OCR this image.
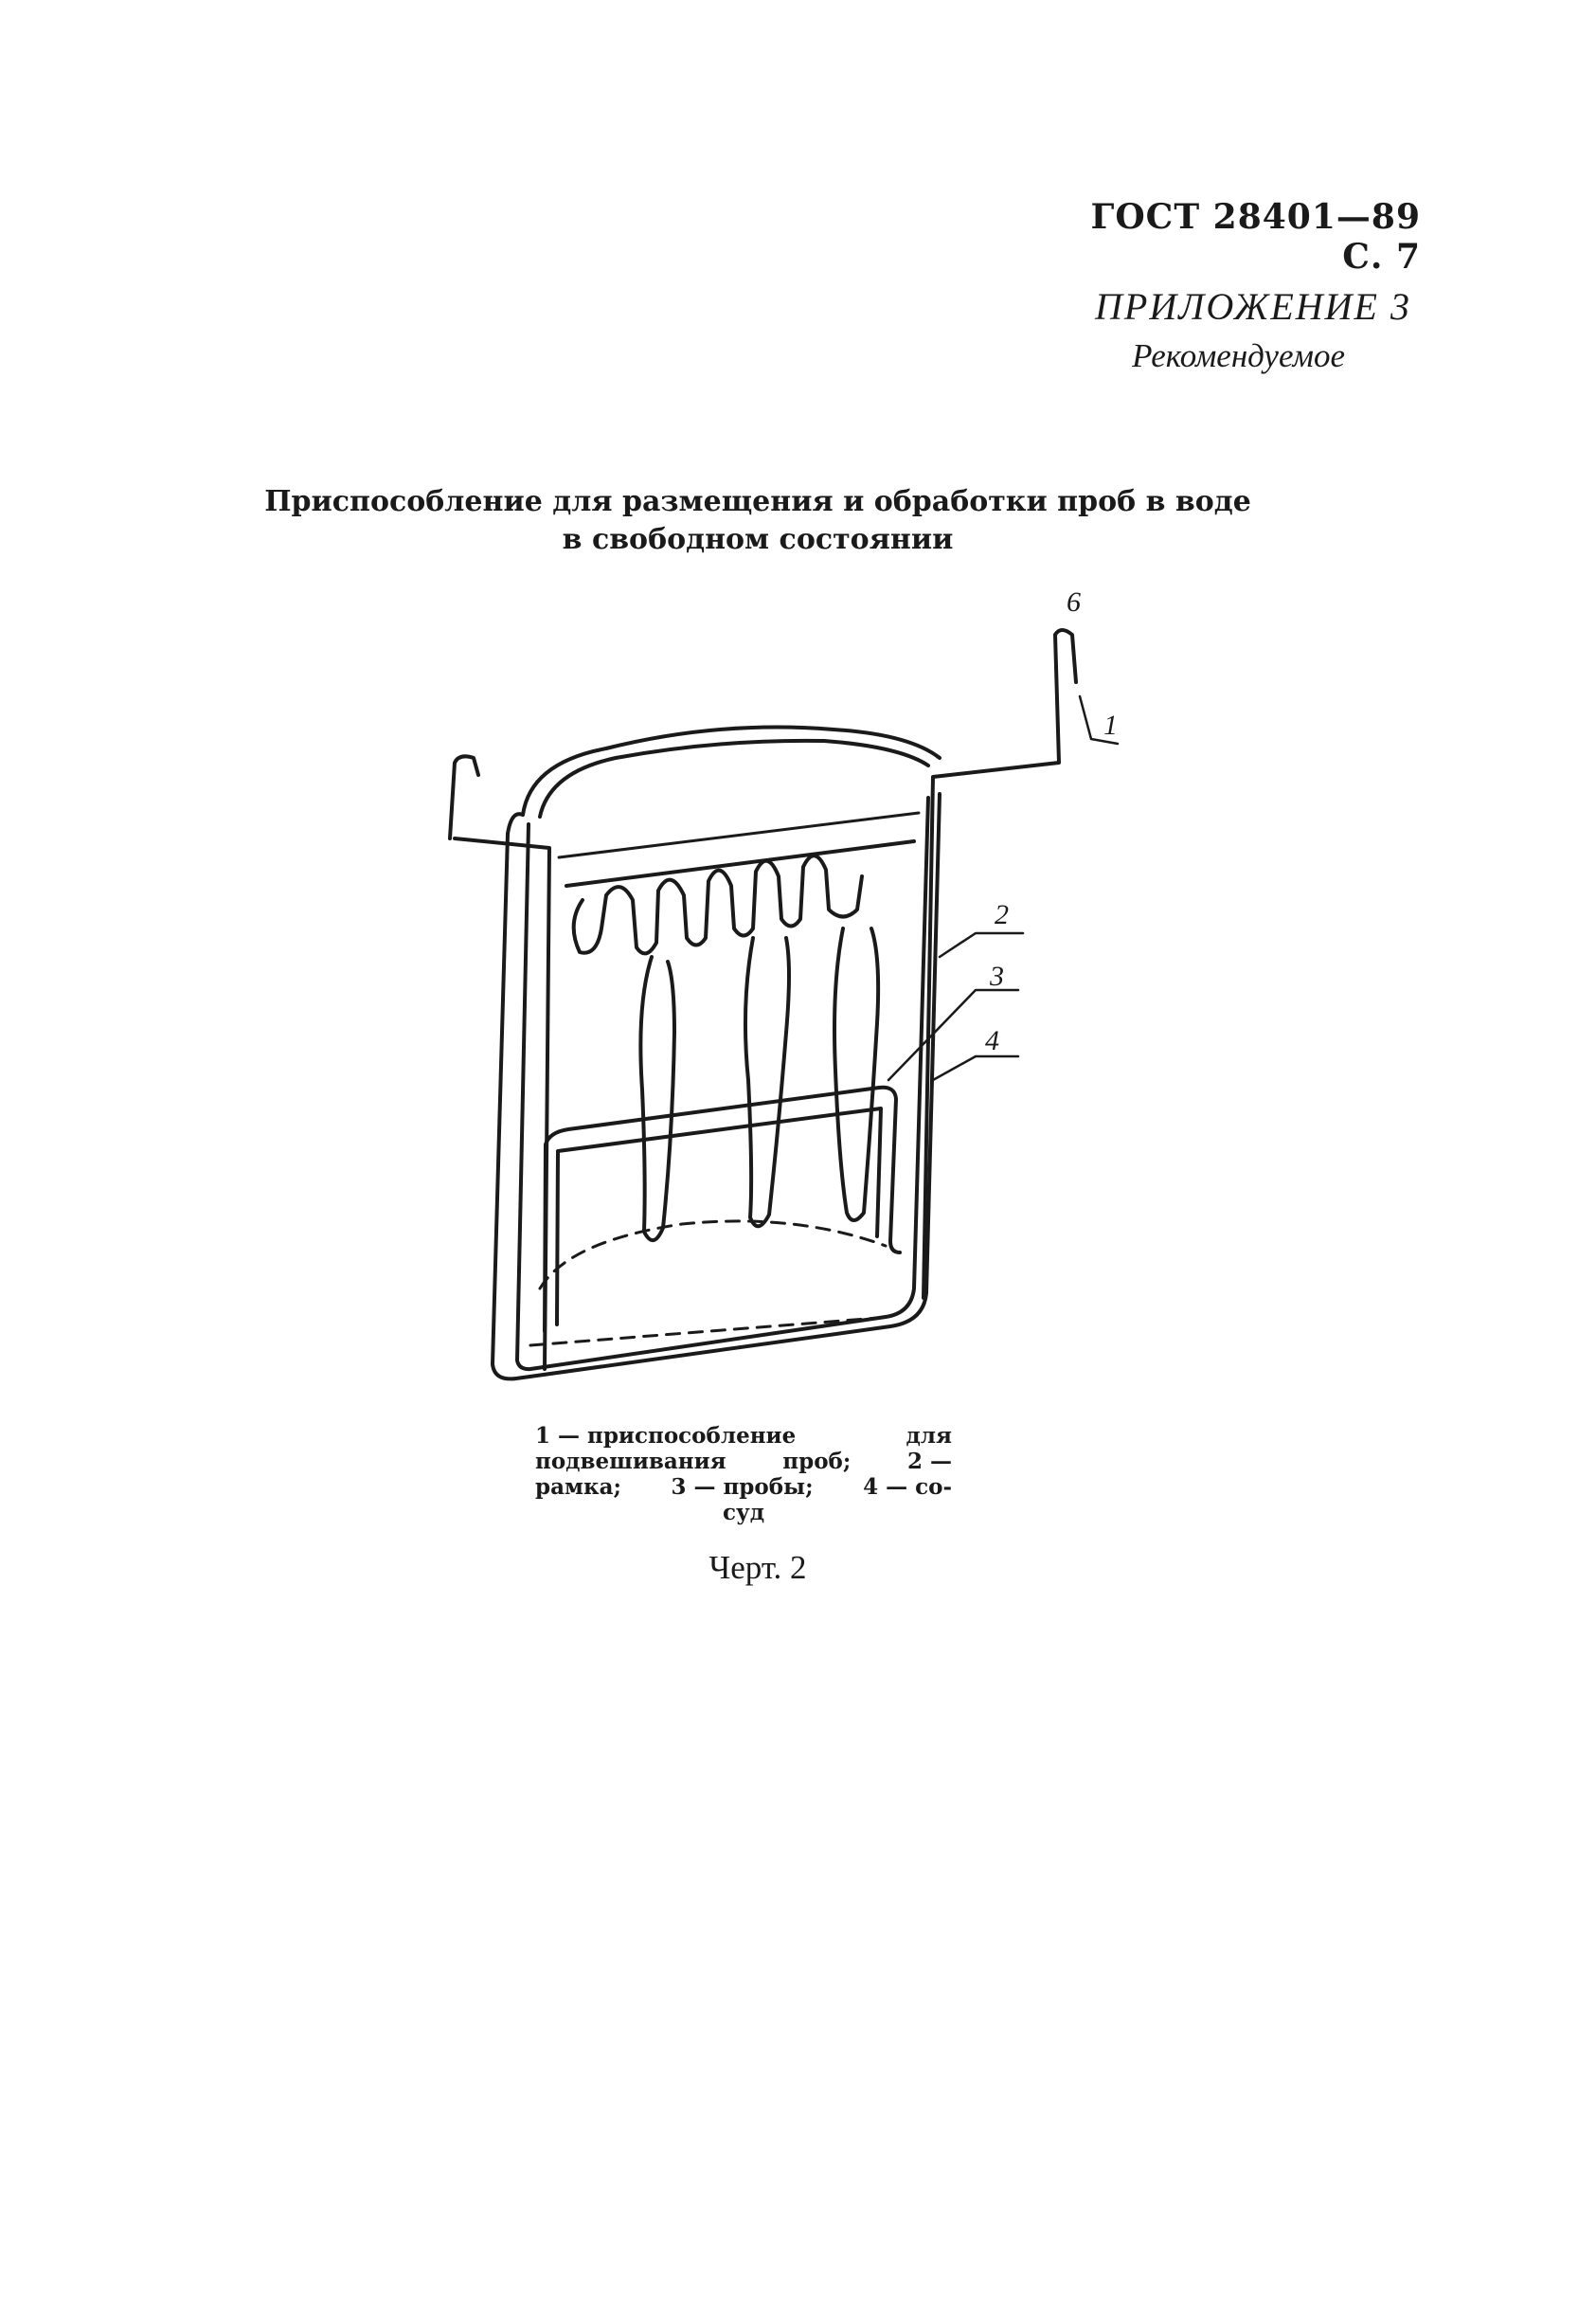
ГОСТ 28401—89 С. 7
ПРИЛОЖЕНИЕ 3
Рекомендуемое
Приспособление для размещения и обработки проб в воде
в свободном состоянии
6
1
2
3
4
1 — приспособление	для
подвешивания	проб;	2 —
рамка; 3 — пробы; 4 — со-
суд
Черт. 2
